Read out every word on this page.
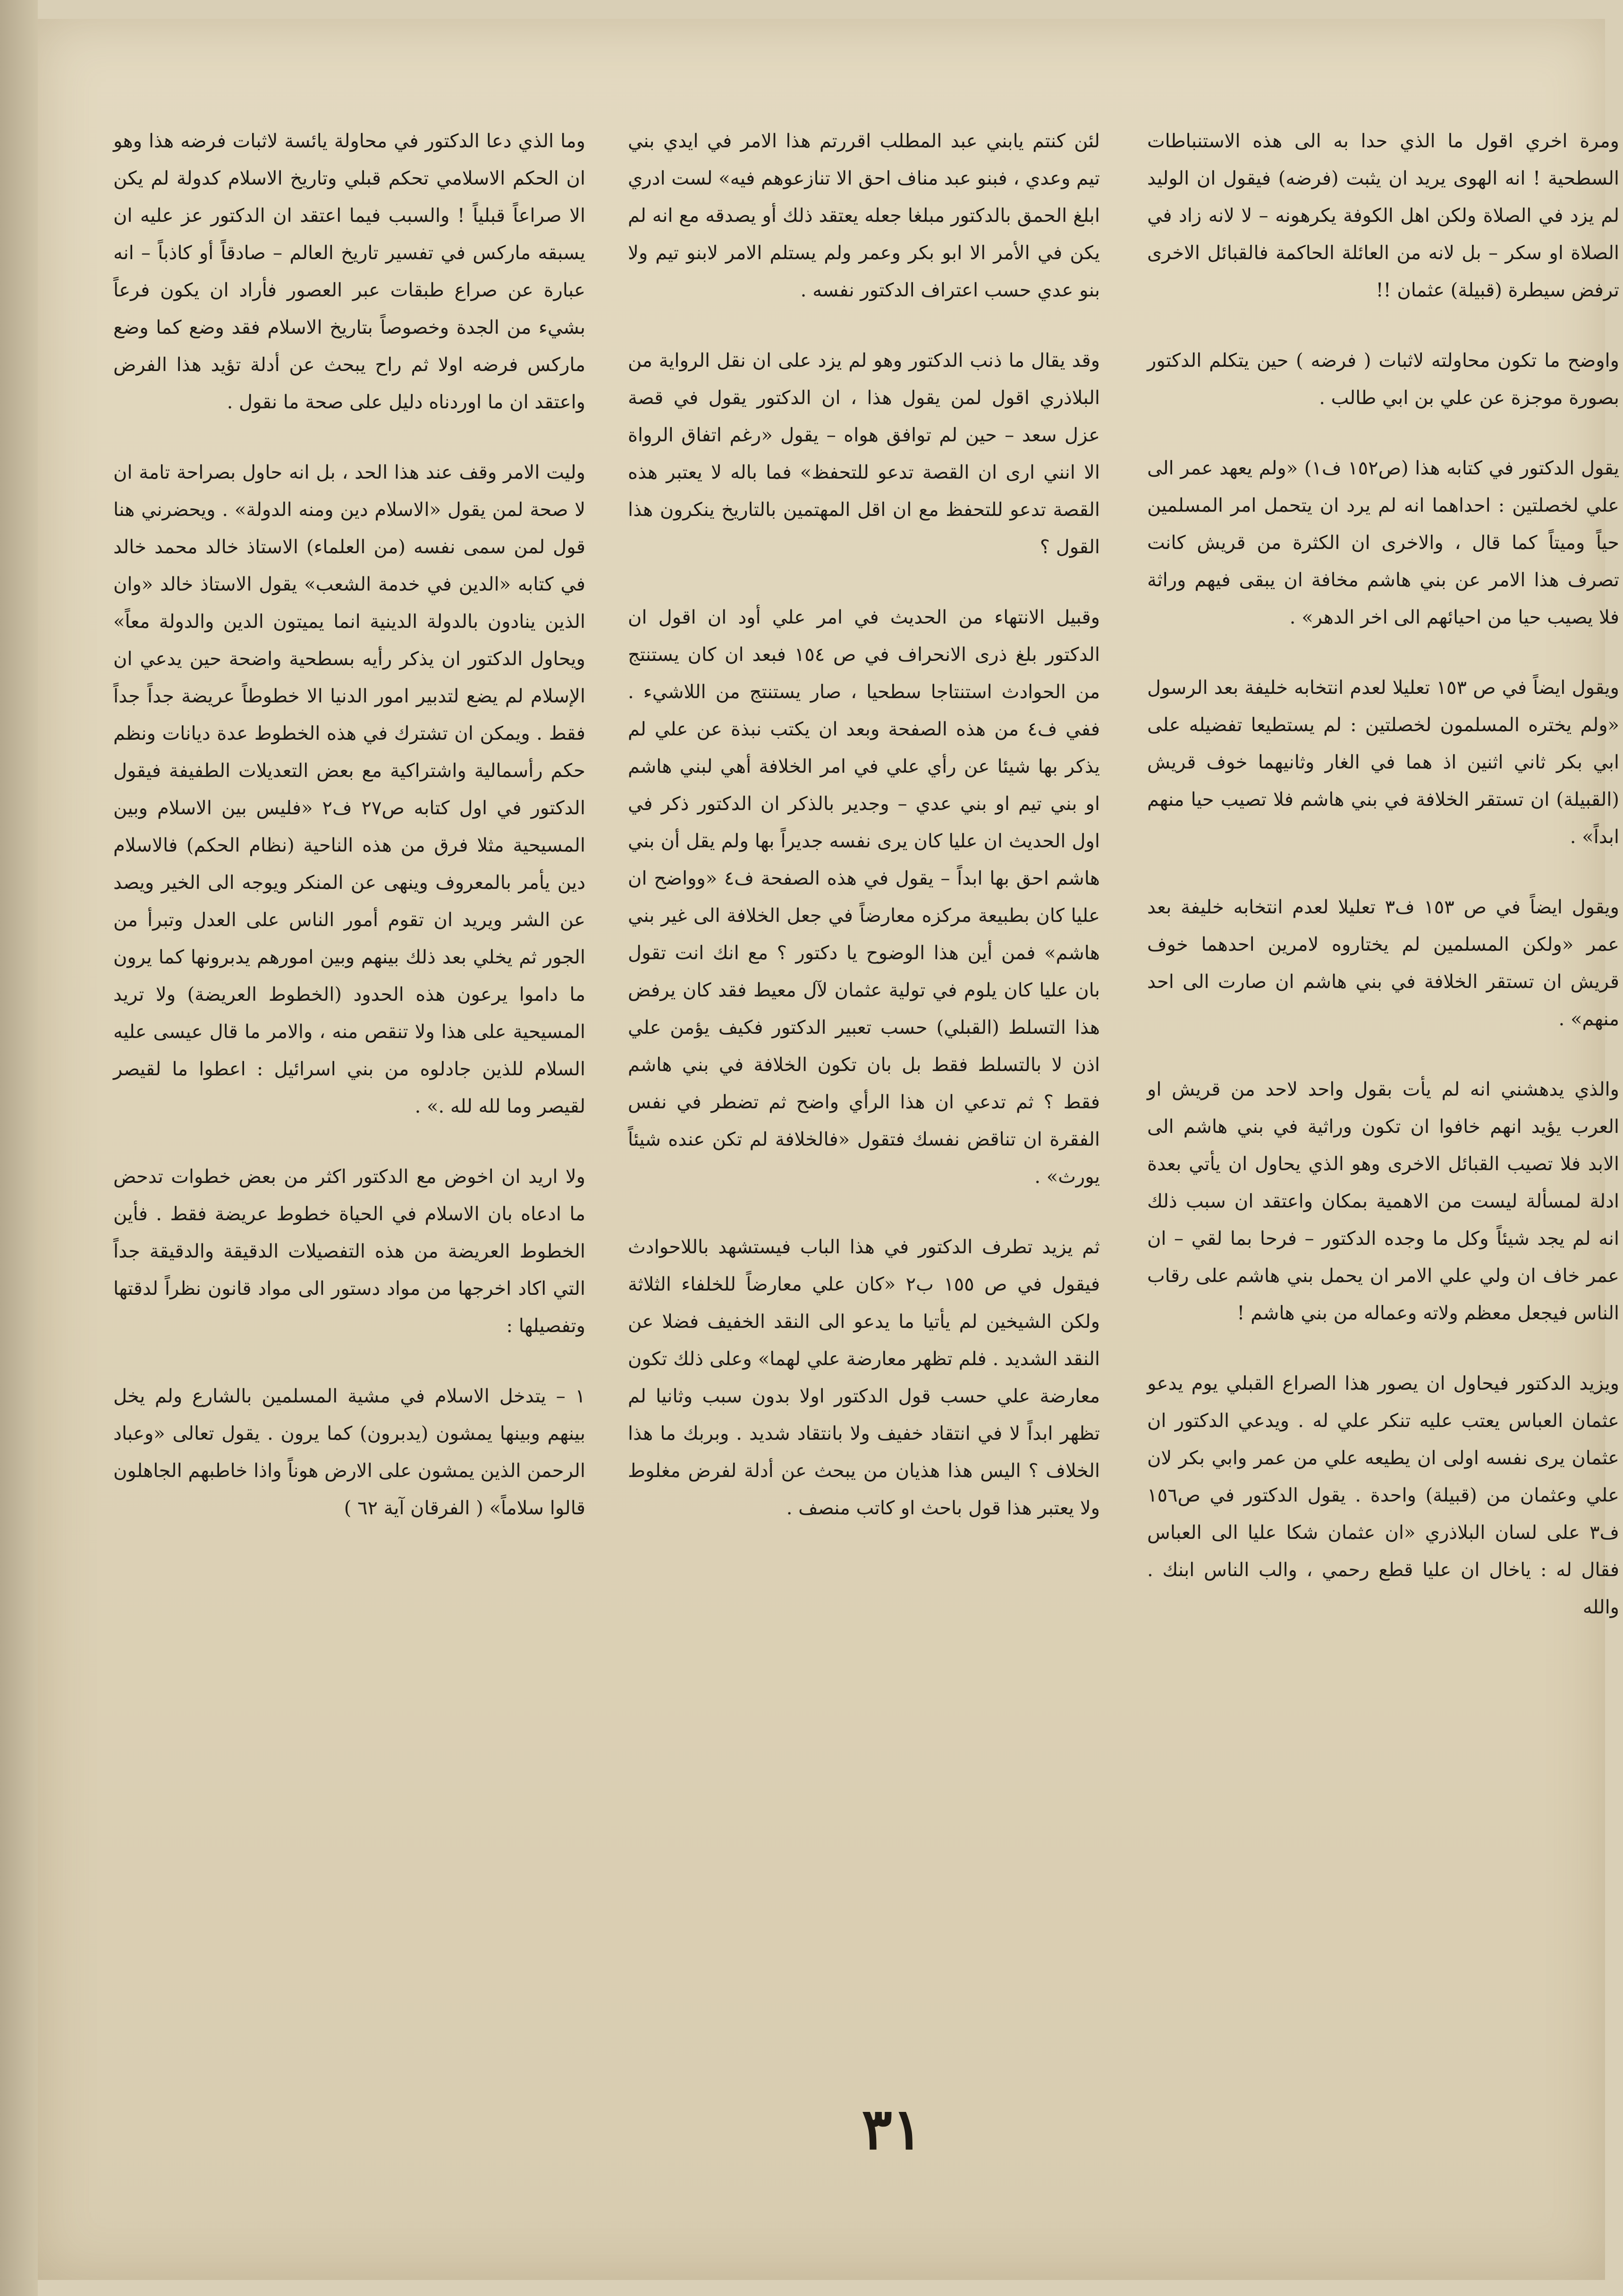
ومرة اخري اقول ما الذي حدا به الى هذه الاستنباطات السطحية ! انه الهوى يريد ان يثبت (فرضه) فيقول ان الوليد لم يزد في الصلاة ولكن اهل الكوفة يكرهونه – لا لانه زاد في الصلاة او سكر – بل لانه من العائلة الحاكمة فالقبائل الاخرى ترفض سيطرة (قبيلة) عثمان !!

واوضح ما تكون محاولته لاثبات ( فرضه ) حين يتكلم الدكتور بصورة موجزة عن علي بن ابي طالب .

يقول الدكتور في كتابه هذا (ص١٥٢ ف١) «ولم يعهد عمر الى علي لخصلتين : احداهما انه لم يرد ان يتحمل امر المسلمين حياً وميتاً كما قال ، والاخرى ان الكثرة من قريش كانت تصرف هذا الامر عن بني هاشم مخافة ان يبقى فيهم وراثة فلا يصيب حيا من احيائهم الى اخر الدهر» .

ويقول ايضاً في ص ١٥٣ تعليلا لعدم انتخابه خليفة بعد الرسول «ولم يختره المسلمون لخصلتين : لم يستطيعا تفضيله على ابي بكر ثاني اثنين اذ هما في الغار وثانيهما خوف قريش (القبيلة) ان تستقر الخلافة في بني هاشم فلا تصيب حيا منهم ابداً» .

ويقول ايضاً في ص ١٥٣ ف٣ تعليلا لعدم انتخابه خليفة بعد عمر «ولكن المسلمين لم يختاروه لامرين احدهما خوف قريش ان تستقر الخلافة في بني هاشم ان صارت الى احد منهم» .

والذي يدهشني انه لم يأت بقول واحد لاحد من قريش او العرب يؤيد انهم خافوا ان تكون وراثية في بني هاشم الى الابد فلا تصيب القبائل الاخرى وهو الذي يحاول ان يأتي بعدة ادلة لمسألة ليست من الاهمية بمكان واعتقد ان سبب ذلك انه لم يجد شيئاً وكل ما وجده الدكتور – فرحا بما لقي – ان عمر خاف ان ولي علي الامر ان يحمل بني هاشم على رقاب الناس فيجعل معظم ولاته وعماله من بني هاشم !

ويزيد الدكتور فيحاول ان يصور هذا الصراع القبلي يوم يدعو عثمان العباس يعتب عليه تنكر علي له . ويدعي الدكتور ان عثمان يرى نفسه اولى ان يطيعه علي من عمر وابي بكر لان علي وعثمان من (قبيلة) واحدة . يقول الدكتور في ص١٥٦ ف٣ على لسان البلاذري «ان عثمان شكا عليا الى العباس فقال له : ياخال ان عليا قطع رحمي ، والب الناس ابنك . والله

لئن كنتم يابني عبد المطلب اقررتم هذا الامر في ايدي بني تيم وعدي ، فبنو عبد مناف احق الا تنازعوهم فيه» لست ادري ابلغ الحمق بالدكتور مبلغا جعله يعتقد ذلك أو يصدقه مع انه لم يكن في الأمر الا ابو بكر وعمر ولم يستلم الامر لابنو تيم ولا بنو عدي حسب اعتراف الدكتور نفسه .

وقد يقال ما ذنب الدكتور وهو لم يزد على ان نقل الرواية من البلاذري اقول لمن يقول هذا ، ان الدكتور يقول في قصة عزل سعد – حين لم توافق هواه – يقول «رغم اتفاق الرواة الا انني ارى ان القصة تدعو للتحفظ» فما باله لا يعتبر هذه القصة تدعو للتحفظ مع ان اقل المهتمين بالتاريخ ينكرون هذا القول ؟

وقبيل الانتهاء من الحديث في امر علي أود ان اقول ان الدكتور بلغ ذرى الانحراف في ص ١٥٤ فبعد ان كان يستنتج من الحوادث استنتاجا سطحيا ، صار يستنتج من اللاشيء . ففي ف٤ من هذه الصفحة وبعد ان يكتب نبذة عن علي لم يذكر بها شيئا عن رأي علي في امر الخلافة أهي لبني هاشم او بني تيم او بني عدي – وجدير بالذكر ان الدكتور ذكر في اول الحديث ان عليا كان يرى نفسه جديراً بها ولم يقل أن بني هاشم احق بها ابداً – يقول في هذه الصفحة ف٤ «وواضح ان عليا كان بطبيعة مركزه معارضاً في جعل الخلافة الى غير بني هاشم» فمن أين هذا الوضوح يا دكتور ؟ مع انك انت تقول بان عليا كان يلوم في تولية عثمان لآل معيط فقد كان يرفض هذا التسلط (القبلي) حسب تعبير الدكتور فكيف يؤمن علي اذن لا بالتسلط فقط بل بان تكون الخلافة في بني هاشم فقط ؟ ثم تدعي ان هذا الرأي واضح ثم تضطر في نفس الفقرة ان تناقض نفسك فتقول «فالخلافة لم تكن عنده شيئاً يورث» .

ثم يزيد تطرف الدكتور في هذا الباب فيستشهد باللاحوادث فيقول في ص ١٥٥ ب٢ «كان علي معارضاً للخلفاء الثلاثة ولكن الشيخين لم يأتيا ما يدعو الى النقد الخفيف فضلا عن النقد الشديد . فلم تظهر معارضة علي لهما» وعلى ذلك تكون معارضة علي حسب قول الدكتور اولا بدون سبب وثانيا لم تظهر ابداً لا في انتقاد خفيف ولا بانتقاد شديد . وبربك ما هذا الخلاف ؟ اليس هذا هذيان من يبحث عن أدلة لفرض مغلوط ولا يعتبر هذا قول باحث او كاتب منصف .

وما الذي دعا الدكتور في محاولة يائسة لاثبات فرضه هذا وهو ان الحكم الاسلامي تحكم قبلي وتاريخ الاسلام كدولة لم يكن الا صراعاً قبلياً ! والسبب فيما اعتقد ان الدكتور عز عليه ان يسبقه ماركس في تفسير تاريخ العالم – صادقاً أو كاذباً – انه عبارة عن صراع طبقات عبر العصور فأراد ان يكون فرعاً بشيء من الجدة وخصوصاً بتاريخ الاسلام فقد وضع كما وضع ماركس فرضه اولا ثم راح يبحث عن أدلة تؤيد هذا الفرض واعتقد ان ما اوردناه دليل على صحة ما نقول .

وليت الامر وقف عند هذا الحد ، بل انه حاول بصراحة تامة ان لا صحة لمن يقول «الاسلام دين ومنه الدولة» . ويحضرني هنا قول لمن سمى نفسه (من العلماء) الاستاذ خالد محمد خالد في كتابه «الدين في خدمة الشعب» يقول الاستاذ خالد «وان الذين ينادون بالدولة الدينية انما يميتون الدين والدولة معاً» ويحاول الدكتور ان يذكر رأيه بسطحية واضحة حين يدعي ان الإسلام لم يضع لتدبير امور الدنيا الا خطوطاً عريضة جداً جداً فقط . ويمكن ان تشترك في هذه الخطوط عدة ديانات ونظم حكم رأسمالية واشتراكية مع بعض التعديلات الطفيفة فيقول الدكتور في اول كتابه ص٢٧ ف٢ «فليس بين الاسلام وبين المسيحية مثلا فرق من هذه الناحية (نظام الحكم) فالاسلام دين يأمر بالمعروف وينهى عن المنكر ويوجه الى الخير ويصد عن الشر ويريد ان تقوم أمور الناس على العدل وتبرأ من الجور ثم يخلي بعد ذلك بينهم وبين امورهم يدبرونها كما يرون ما داموا يرعون هذه الحدود (الخطوط العريضة) ولا تريد المسيحية على هذا ولا تنقص منه ، والامر ما قال عيسى عليه السلام للذين جادلوه من بني اسرائيل : اعطوا ما لقيصر لقيصر وما لله لله .» .

ولا اريد ان اخوض مع الدكتور اكثر من بعض خطوات تدحض ما ادعاه بان الاسلام في الحياة خطوط عريضة فقط . فأين الخطوط العريضة من هذه التفصيلات الدقيقة والدقيقة جداً التي اكاد اخرجها من مواد دستور الى مواد قانون نظراً لدقتها وتفصيلها :

١ – يتدخل الاسلام في مشية المسلمين بالشارع ولم يخل بينهم وبينها يمشون (يدبرون) كما يرون . يقول تعالى «وعباد الرحمن الذين يمشون على الارض هوناً واذا خاطبهم الجاهلون قالوا سلاماً» ( الفرقان آية ٦٢ )

٣١
